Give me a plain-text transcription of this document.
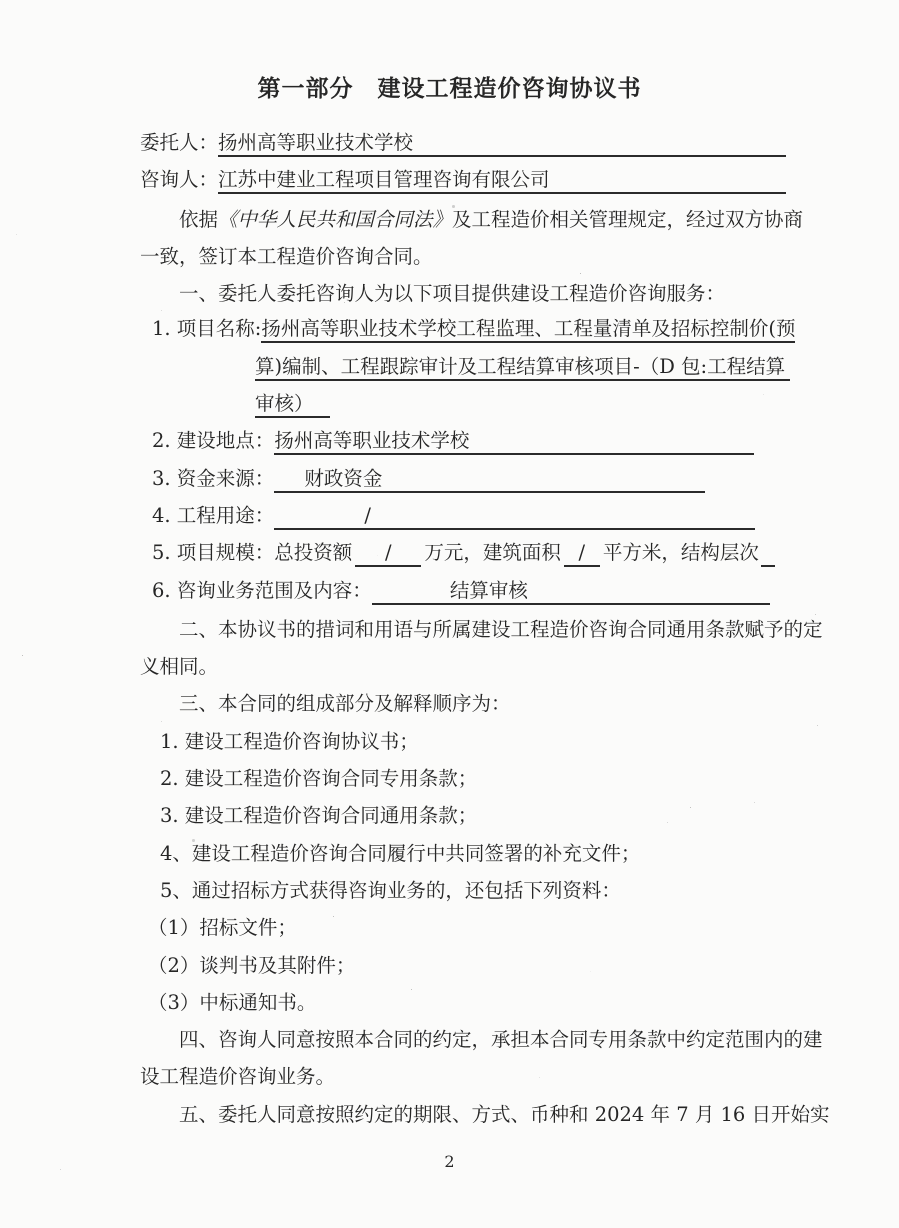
第一部分　建设工程造价咨询协议书
委托人： 扬州高等职业技术学校
咨询人： 江苏中建业工程项目管理咨询有限公司
依据《中华人民共和国合同法》及工程造价相关管理规定，经过双方协商
一致，签订本工程造价咨询合同。
一、委托人委托咨询人为以下项目提供建设工程造价咨询服务：
1. 项目名称: 扬州高等职业技术学校工程监理、工程量清单及招标控制价(预
算)编制、工程跟踪审计及工程结算审核项目-（D 包:工程结算
审核）
2. 建设地点： 扬州高等职业技术学校
3. 资金来源：	财政资金
4. 工程用途：	/
5. 项目规模：总投资额	/	万元，建筑面积 / 平方米，结构层次
6. 咨询业务范围及内容：	结算审核
二、本协议书的措词和用语与所属建设工程造价咨询合同通用条款赋予的定
义相同。
三、本合同的组成部分及解释顺序为：
1. 建设工程造价咨询协议书；
2. 建设工程造价咨询合同专用条款；
3. 建设工程造价咨询合同通用条款；
4、建设工程造价咨询合同履行中共同签署的补充文件；
5、通过招标方式获得咨询业务的，还包括下列资料：
（1）招标文件；
（2）谈判书及其附件；
（3）中标通知书。
四、咨询人同意按照本合同的约定，承担本合同专用条款中约定范围内的建
设工程造价咨询业务。
五、委托人同意按照约定的期限、方式、币种和 2024 年 7 月 16 日开始实
2
